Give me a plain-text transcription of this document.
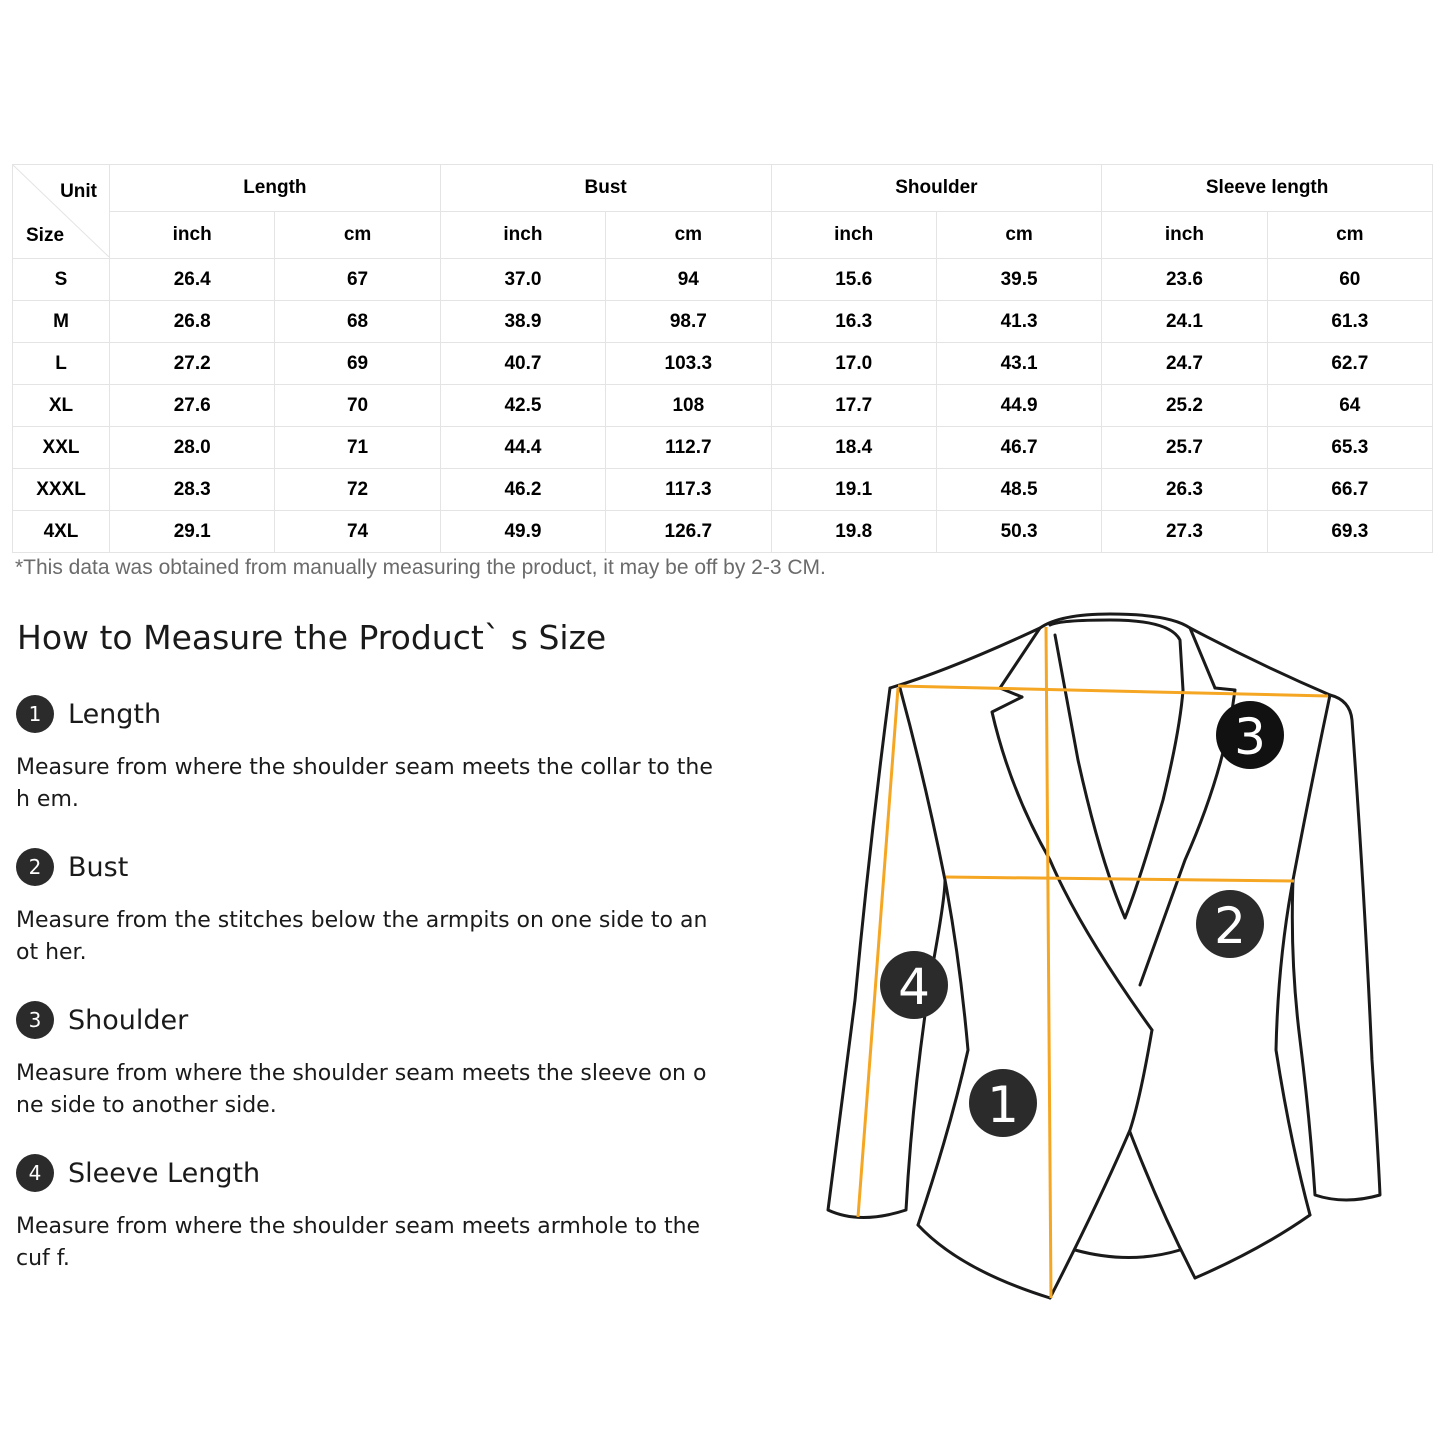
Unit
Size	Length		Bust		Shoulder		Sleeve length	
	inch	cm	inch	cm	inch	cm	inch	cm
S	26.4	67	37.0	94	15.6	39.5	23.6	60
M	26.8	68	38.9	98.7	16.3	41.3	24.1	61.3
L	27.2	69	40.7	103.3	17.0	43.1	24.7	62.7
XL	27.6	70	42.5	108	17.7	44.9	25.2	64
XXL	28.0	71	44.4	112.7	18.4	46.7	25.7	65.3
XXXL	28.3	72	46.2	117.3	19.1	48.5	26.3	66.7
4XL	29.1	74	49.9	126.7	19.8	50.3	27.3	69.3
*This data was obtained from manually measuring the product, it may be off by 2-3 CM.
How to Measure the Product` s Size
1 Length
Measure from where the shoulder seam meets the collar to the h em.
2 Bust
Measure from the stitches below the armpits on one side to anot her.
3 Shoulder
Measure from where the shoulder seam meets the sleeve on one side to another side.
4 Sleeve Length
Measure from where the shoulder seam meets armhole to the cuf f.
1
2
3
4
